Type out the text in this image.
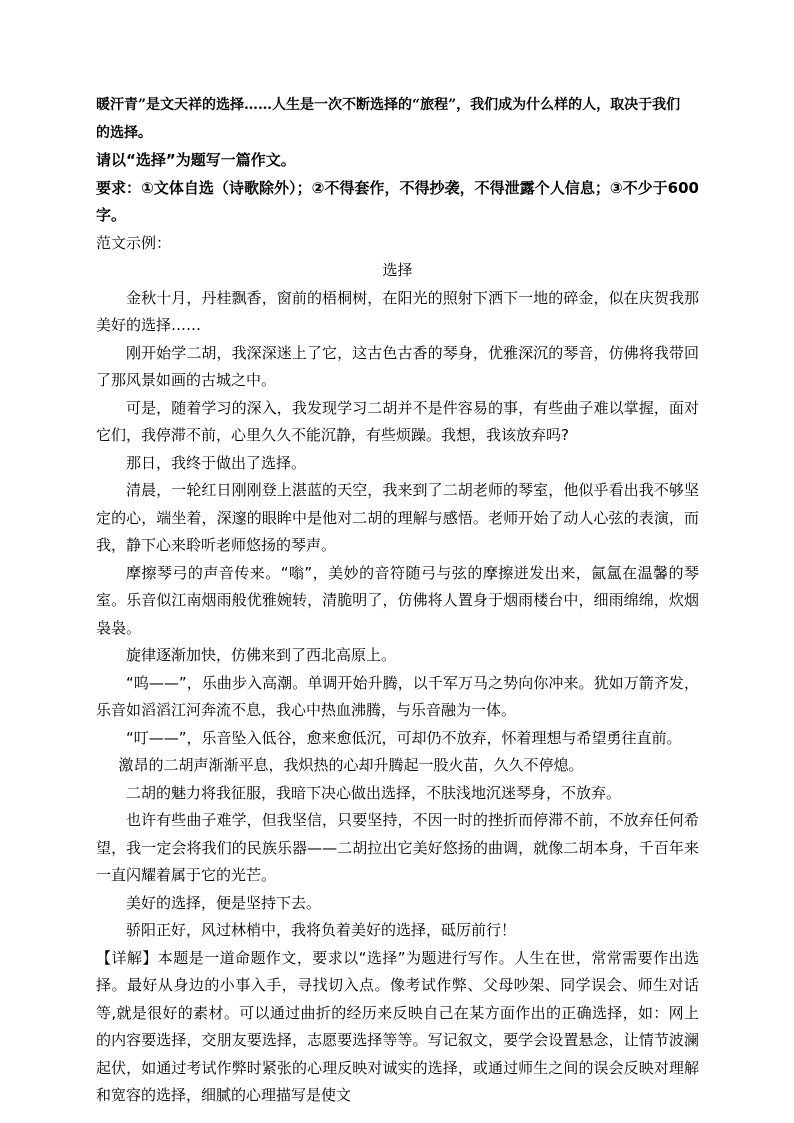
暖汗青”是文天祥的选择……人生是一次不断选择的“旅程”，我们成为什么样的人，取决于我们

的选择。

请以“选择”为题写一篇作文。

要求：①文体自选（诗歌除外）；②不得套作，不得抄袭，不得泄露个人信息；③不少于600字。

范文示例：

选择

金秋十月，丹桂飘香，窗前的梧桐树，在阳光的照射下洒下一地的碎金，似在庆贺我那美好的选择……

刚开始学二胡，我深深迷上了它，这古色古香的琴身，优雅深沉的琴音，仿佛将我带回了那风景如画的古城之中。

可是，随着学习的深入，我发现学习二胡并不是件容易的事，有些曲子难以掌握，面对它们，我停滞不前，心里久久不能沉静，有些烦躁。我想，我该放弃吗?

那日，我终于做出了选择。

清晨，一轮红日刚刚登上湛蓝的天空，我来到了二胡老师的琴室，他似乎看出我不够坚定的心，端坐着，深邃的眼眸中是他对二胡的理解与感悟。老师开始了动人心弦的表演，而我，静下心来聆听老师悠扬的琴声。

摩擦琴弓的声音传来。“嗡”，美妙的音符随弓与弦的摩擦迸发出来，氤氲在温馨的琴室。乐音似江南烟雨般优雅婉转，清脆明了，仿佛将人置身于烟雨楼台中，细雨绵绵，炊烟袅袅。

旋律逐渐加快，仿佛来到了西北高原上。

“呜——”，乐曲步入高潮。单调开始升腾，以千军万马之势向你冲来。犹如万箭齐发，乐音如滔滔江河奔流不息，我心中热血沸腾，与乐音融为一体。

“叮——”，乐音坠入低谷，愈来愈低沉，可却仍不放弃，怀着理想与希望勇往直前。

激昂的二胡声渐渐平息，我炽热的心却升腾起一股火苗，久久不停熄。

二胡的魅力将我征服，我暗下决心做出选择，不肤浅地沉迷琴身，不放弃。

也许有些曲子难学，但我坚信，只要坚持，不因一时的挫折而停滞不前，不放弃任何希望，我一定会将我们的民族乐器——二胡拉出它美好悠扬的曲调，就像二胡本身，千百年来一直闪耀着属于它的光芒。

美好的选择，便是坚持下去。

骄阳正好，风过林梢中，我将负着美好的选择，砥厉前行！

【详解】本题是一道命题作文，要求以“选择”为题进行写作。人生在世，常常需要作出选择。最好从身边的小事入手，寻找切入点。像考试作弊、父母吵架、同学误会、师生对话等,就是很好的素材。可以通过曲折的经历来反映自己在某方面作出的正确选择，如：网上的内容要选择，交朋友要选择，志愿要选择等等。写记叙文，要学会设置悬念，让情节波澜起伏，如通过考试作弊时紧张的心理反映对诚实的选择，或通过师生之间的误会反映对理解和宽容的选择，细腻的心理描写是使文
